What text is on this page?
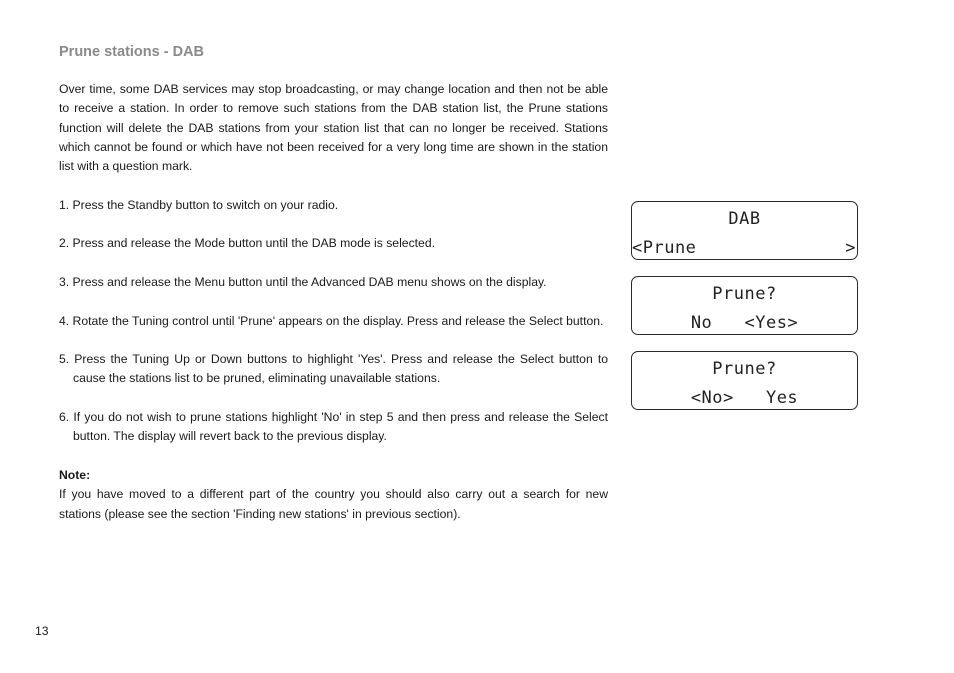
Prune stations - DAB

Over time, some DAB services may stop broadcasting, or may change location and then not be able to receive a station. In order to remove such stations from the DAB station list, the Prune stations function will delete the DAB stations from your station list that can no longer be received. Stations which cannot be found or which have not been received for a very long time are shown in the station list with a question mark.

1. Press the Standby button to switch on your radio.
2. Press and release the Mode button until the DAB mode is selected.
3. Press and release the Menu button until the Advanced DAB menu shows on the display.
4. Rotate the Tuning control until 'Prune' appears on the display. Press and release the Select button.
5. Press the Tuning Up or Down buttons to highlight 'Yes'. Press and release the Select button to cause the stations list to be pruned, eliminating unavailable stations.
6. If you do not wish to prune stations highlight 'No' in step 5 and then press and release the Select button. The display will revert back to the previous display.

Note:

If you have moved to a different part of the country you should also carry out a search for new stations (please see the section 'Finding new stations' in previous section).

DAB
<Prune	>
Prune?
No   <Yes>
Prune?
<No>   Yes
13
